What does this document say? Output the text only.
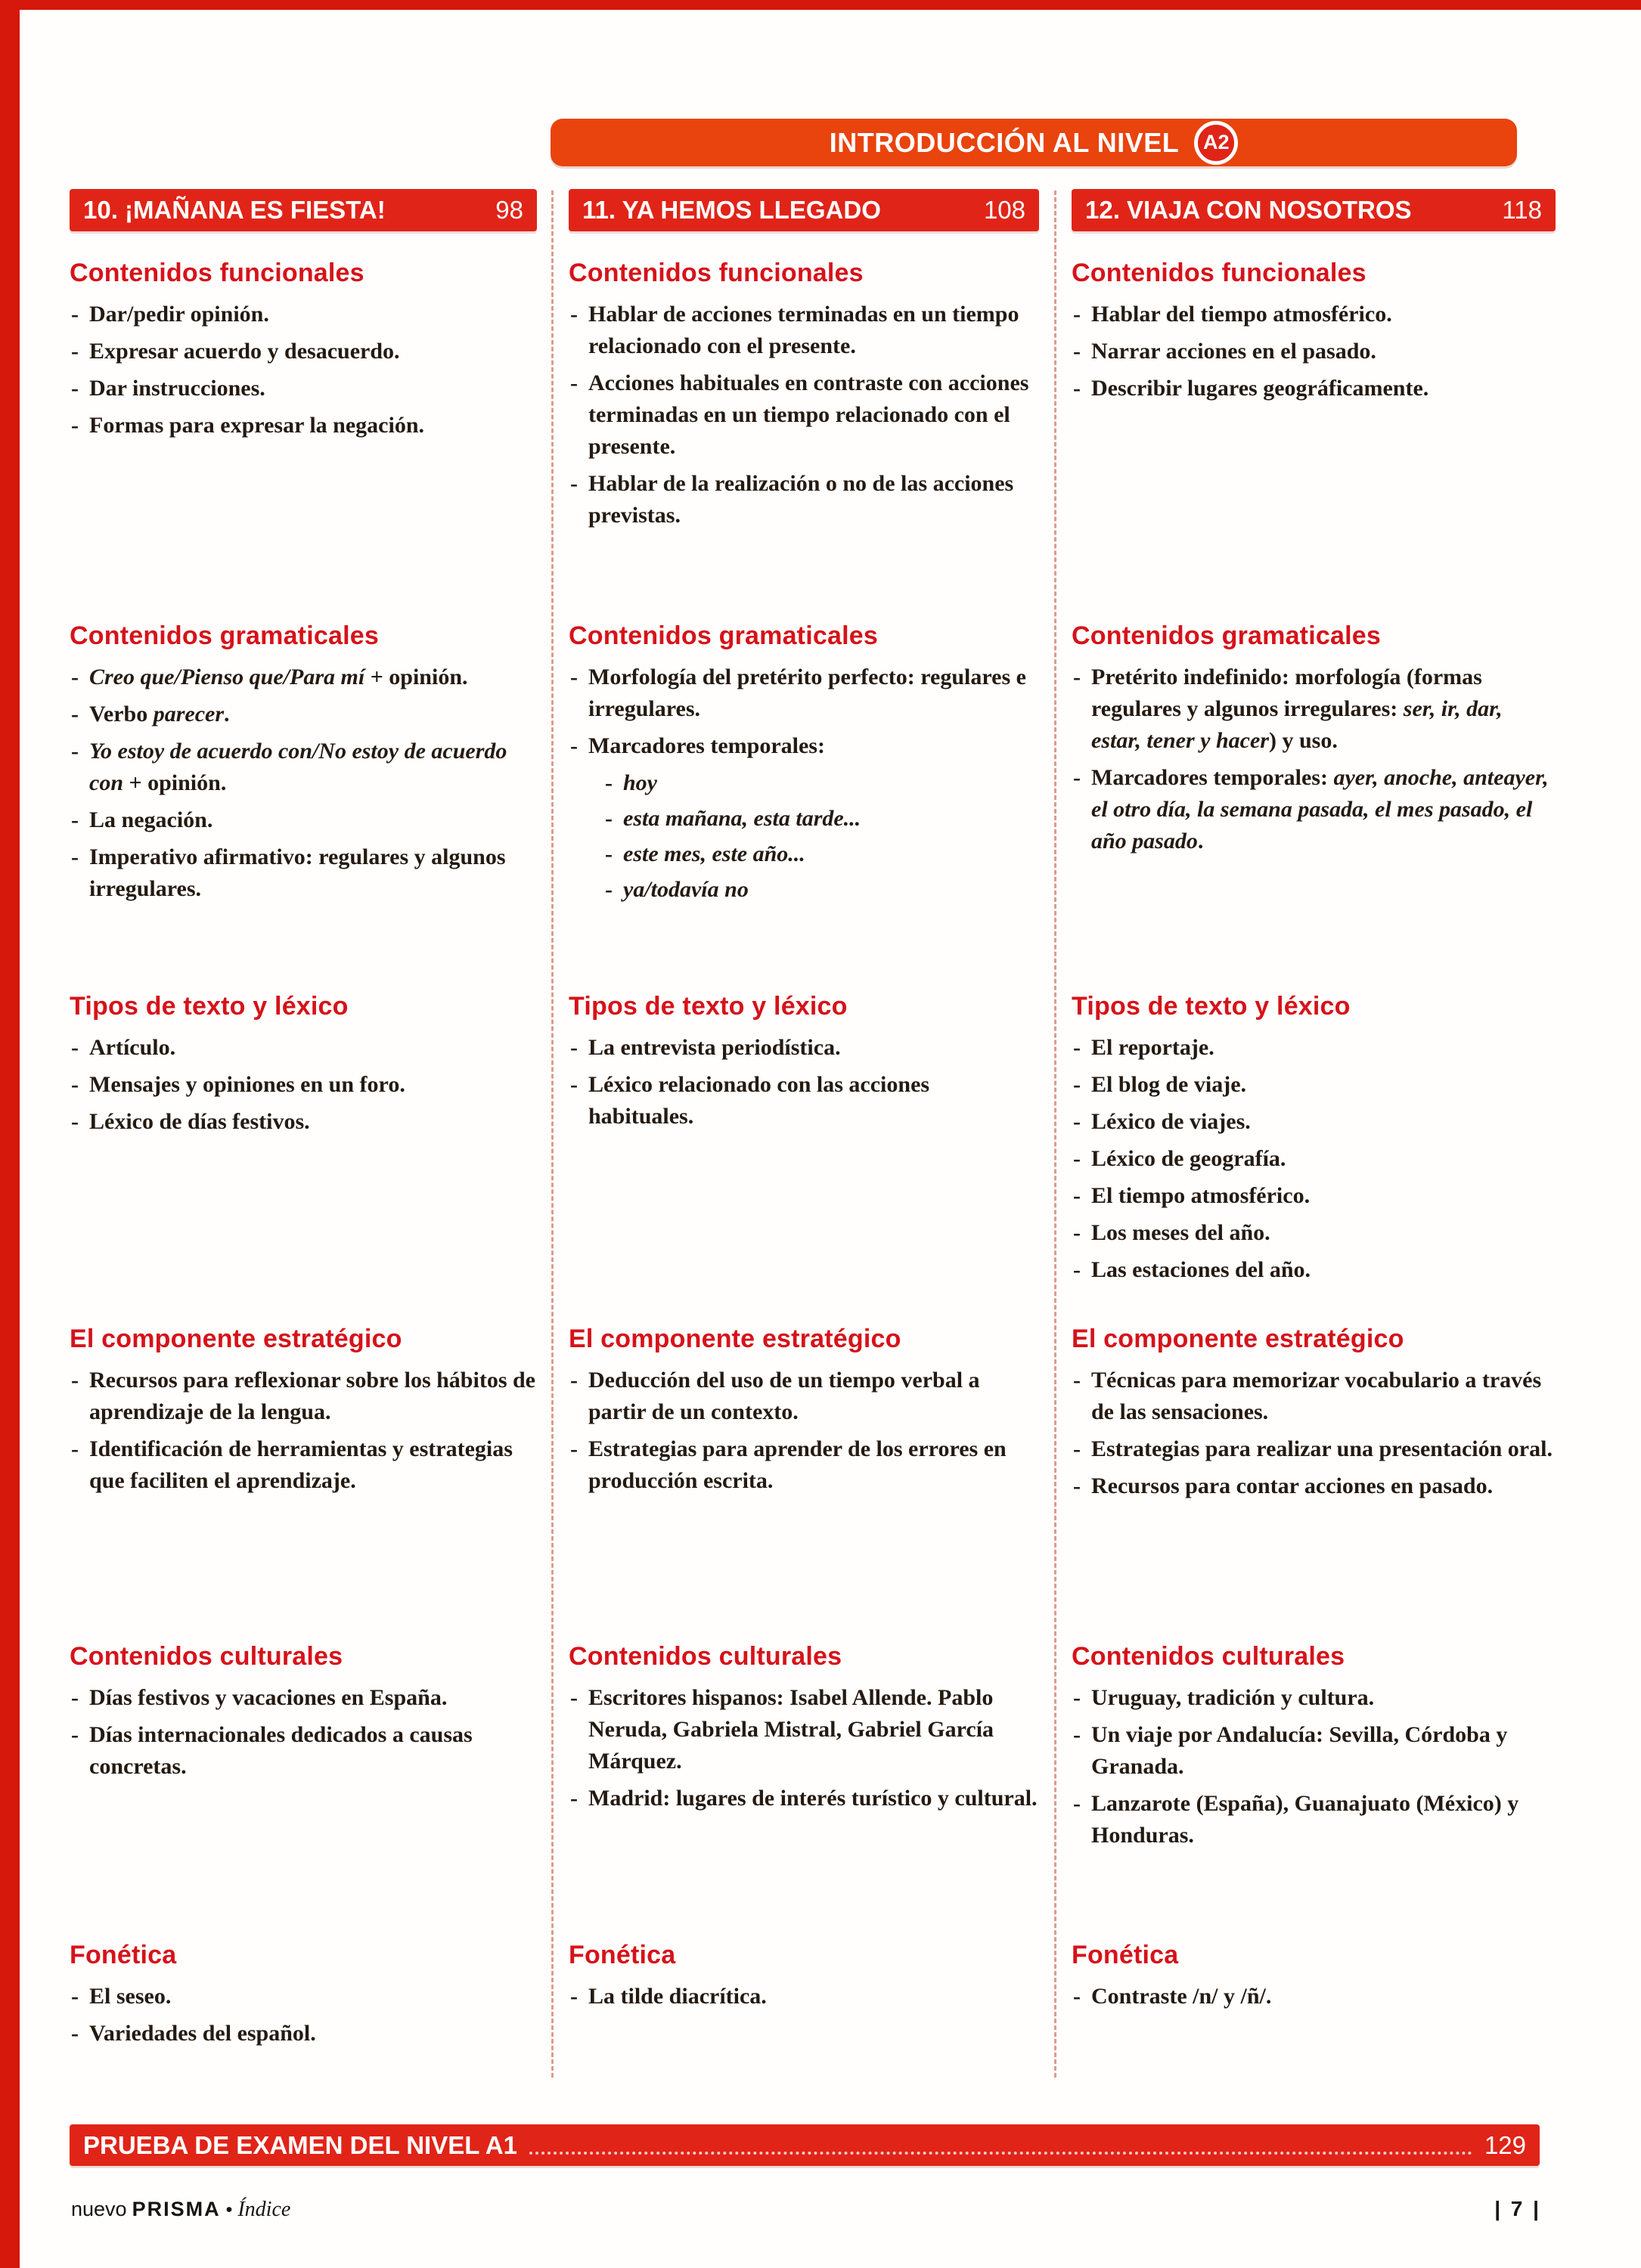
INTRODUCCIÓN AL NIVEL A2
10. ¡MAÑANA ES FIESTA!	98
Contenidos funcionales
- Dar/pedir opinión.
- Expresar acuerdo y desacuerdo.
- Dar instrucciones.
- Formas para expresar la negación.
Contenidos gramaticales
- Creo que/Pienso que/Para mí + opinión.
- Verbo parecer.
- Yo estoy de acuerdo con/No estoy de acuerdo con + opinión.
- La negación.
- Imperativo afirmativo: regulares y algunos irregulares.
Tipos de texto y léxico
- Artículo.
- Mensajes y opiniones en un foro.
- Léxico de días festivos.
El componente estratégico
- Recursos para reflexionar sobre los hábitos de aprendizaje de la lengua.
- Identificación de herramientas y estrategias que faciliten el aprendizaje.
Contenidos culturales
- Días festivos y vacaciones en España.
- Días internacionales dedicados a causas concretas.
Fonética
- El seseo.
- Variedades del español.
11. YA HEMOS LLEGADO	108
Contenidos funcionales
- Hablar de acciones terminadas en un tiempo relacionado con el presente.
- Acciones habituales en contraste con acciones terminadas en un tiempo relacionado con el presente.
- Hablar de la realización o no de las acciones previstas.
Contenidos gramaticales
- Morfología del pretérito perfecto: regulares e irregulares.
- Marcadores temporales:
- hoy
- esta mañana, esta tarde...
- este mes, este año...
- ya/todavía no
Tipos de texto y léxico
- La entrevista periodística.
- Léxico relacionado con las acciones habituales.
El componente estratégico
- Deducción del uso de un tiempo verbal a partir de un contexto.
- Estrategias para aprender de los errores en producción escrita.
Contenidos culturales
- Escritores hispanos: Isabel Allende. Pablo Neruda, Gabriela Mistral, Gabriel García Márquez.
- Madrid: lugares de interés turístico y cultural.
Fonética
- La tilde diacrítica.
12. VIAJA CON NOSOTROS	118
Contenidos funcionales
- Hablar del tiempo atmosférico.
- Narrar acciones en el pasado.
- Describir lugares geográficamente.
Contenidos gramaticales
- Pretérito indefinido: morfología (formas regulares y algunos irregulares: ser, ir, dar, estar, tener y hacer) y uso.
- Marcadores temporales: ayer, anoche, anteayer, el otro día, la semana pasada, el mes pasado, el año pasado.
Tipos de texto y léxico
- El reportaje.
- El blog de viaje.
- Léxico de viajes.
- Léxico de geografía.
- El tiempo atmosférico.
- Los meses del año.
- Las estaciones del año.
El componente estratégico
- Técnicas para memorizar vocabulario a través de las sensaciones.
- Estrategias para realizar una presentación oral.
- Recursos para contar acciones en pasado.
Contenidos culturales
- Uruguay, tradición y cultura.
- Un viaje por Andalucía: Sevilla, Córdoba y Granada.
- Lanzarote (España), Guanajuato (México) y Honduras.
Fonética
- Contraste /n/ y /ñ/.
PRUEBA DE EXAMEN DEL NIVEL A1	129
nuevo PRISMA • Índice	| 7 |
